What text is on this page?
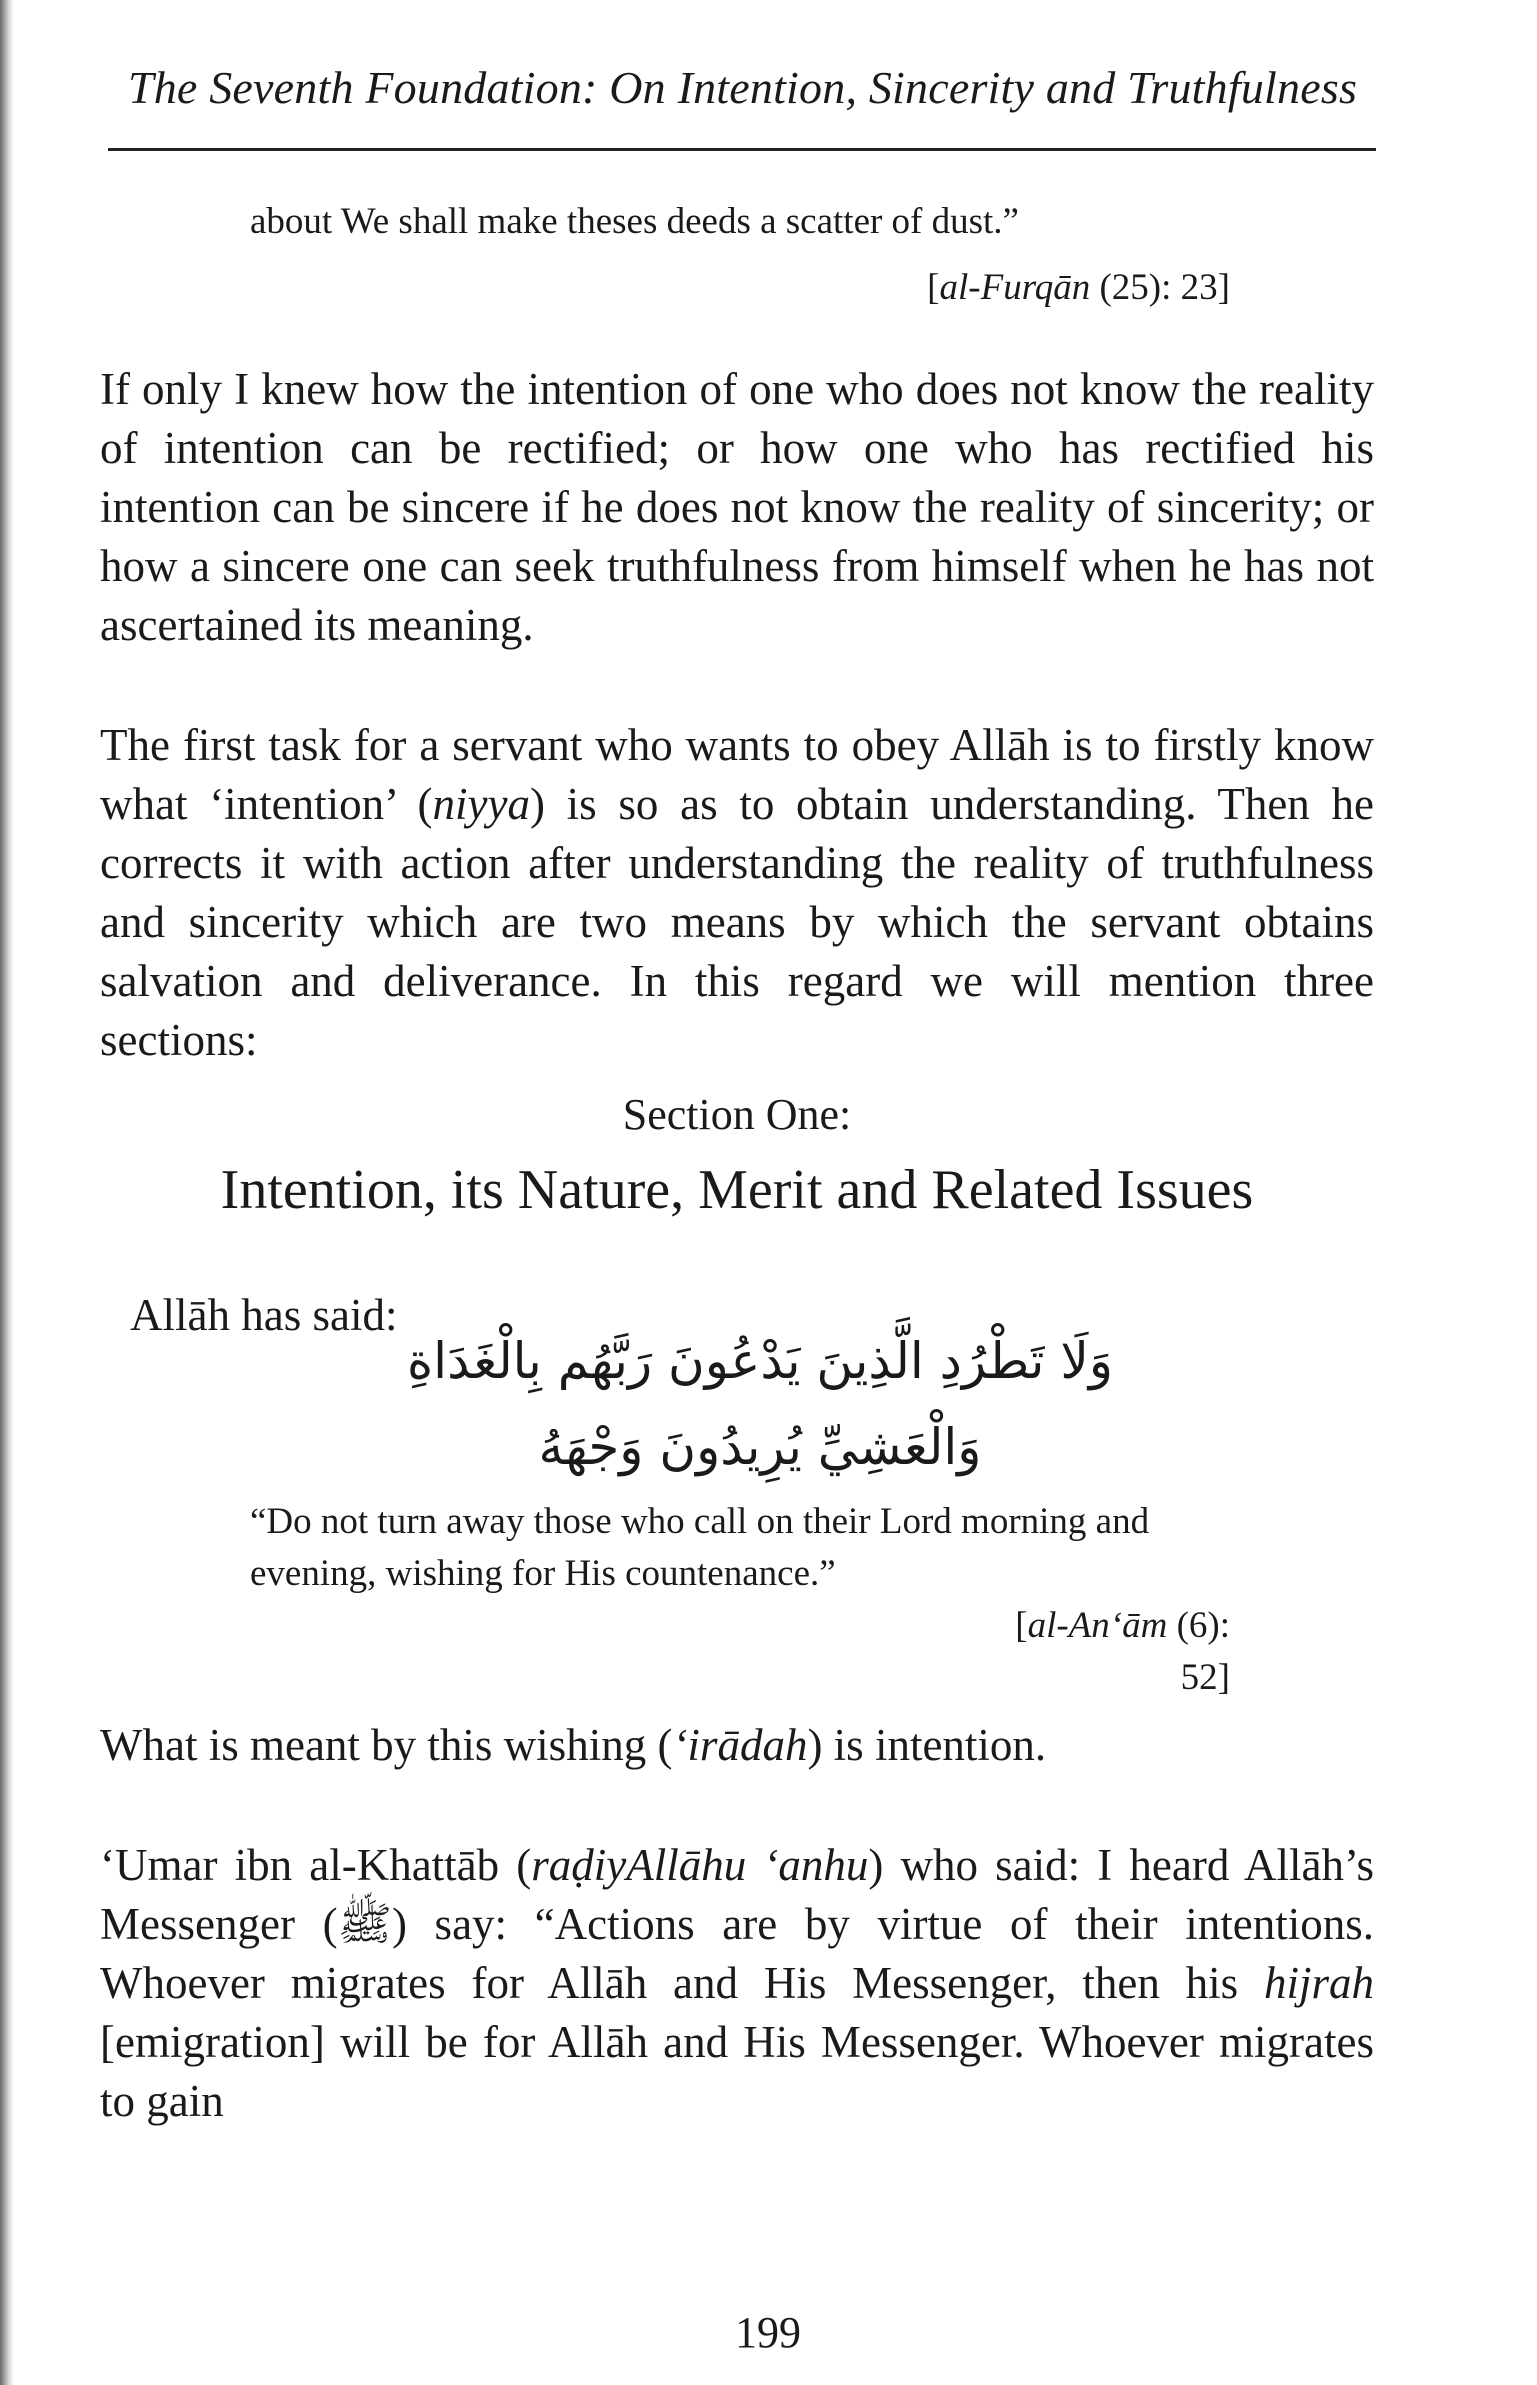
The Seventh Foundation: On Intention, Sincerity and Truthfulness
about We shall make theses deeds a scatter of dust.”
[al-Furqān (25): 23]
If only I knew how the intention of one who does not know the reality of intention can be rectified; or how one who has rectified his intention can be sincere if he does not know the reality of sincerity; or how a sincere one can seek truthfulness from himself when he has not ascertained its meaning.
The first task for a servant who wants to obey Allāh is to firstly know what ‘intention’ (niyya) is so as to obtain understanding. Then he corrects it with action after understanding the reality of truthfulness and sincerity which are two means by which the servant obtains salvation and deliverance. In this regard we will mention three sections:
Section One:
Intention, its Nature, Merit and Related Issues
Allāh has said:
وَلَا تَطْرُدِ الَّذِينَ يَدْعُونَ رَبَّهُم بِالْغَدَاةِ وَالْعَشِيِّ يُرِيدُونَ وَجْهَهُ
“Do not turn away those who call on their Lord morning and evening, wishing for His countenance.”
[al-An‘ām (6): 52]
What is meant by this wishing (‘irādah) is intention.
‘Umar ibn al-Khattāb (raḍiyAllāhu ‘anhu) who said: I heard Allāh’s Messenger (ﷺ) say: “Actions are by virtue of their intentions. Whoever migrates for Allāh and His Messenger, then his hijrah [emigration] will be for Allāh and His Messenger. Whoever migrates to gain
199
